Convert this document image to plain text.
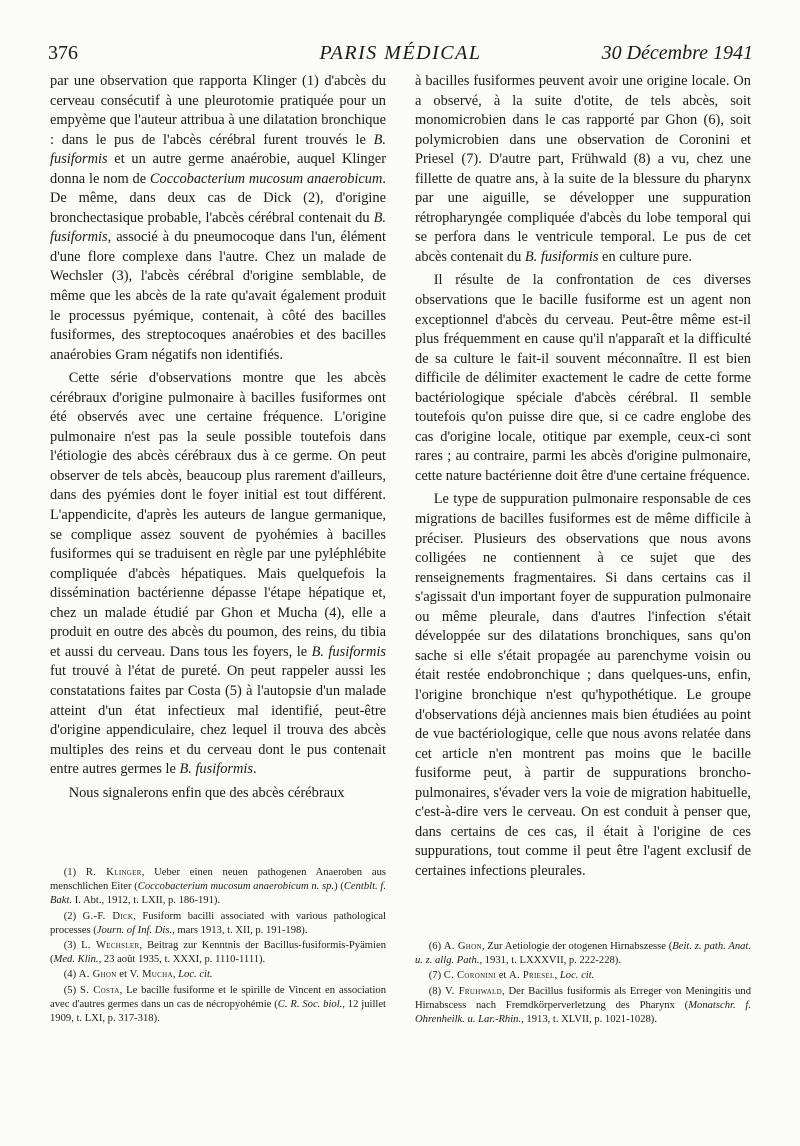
376	PARIS MÉDICAL	30 Décembre 1941

par une observation que rapporta Klinger (1) d'abcès du cerveau consécutif à une pleurotomie pratiquée pour un empyème que l'auteur attribua à une dilatation bronchique : dans le pus de l'abcès cérébral furent trouvés le B. fusiformis et un autre germe anaérobie, auquel Klinger donna le nom de Coccobacterium mucosum anaerobicum. De même, dans deux cas de Dick (2), d'origine bronchectasique probable, l'abcès cérébral contenait du B. fusiformis, associé à du pneumocoque dans l'un, élément d'une flore complexe dans l'autre. Chez un malade de Wechsler (3), l'abcès cérébral d'origine semblable, de même que les abcès de la rate qu'avait également produit le processus pyémique, contenait, à côté des bacilles fusiformes, des streptocoques anaérobies et des bacilles anaérobies Gram négatifs non identifiés.

Cette série d'observations montre que les abcès cérébraux d'origine pulmonaire à bacilles fusiformes ont été observés avec une certaine fréquence. L'origine pulmonaire n'est pas la seule possible toutefois dans l'étiologie des abcès cérébraux dus à ce germe. On peut observer de tels abcès, beaucoup plus rarement d'ailleurs, dans des pyémies dont le foyer initial est tout différent. L'appendicite, d'après les auteurs de langue germanique, se complique assez souvent de pyohémies à bacilles fusiformes qui se traduisent en règle par une pyléphlébite compliquée d'abcès hépatiques. Mais quelquefois la dissémination bactérienne dépasse l'étape hépatique et, chez un malade étudié par Ghon et Mucha (4), elle a produit en outre des abcès du poumon, des reins, du tibia et aussi du cerveau. Dans tous les foyers, le B. fusiformis fut trouvé à l'état de pureté. On peut rappeler aussi les constatations faites par Costa (5) à l'autopsie d'un malade atteint d'un état infectieux mal identifié, peut-être d'origine appendiculaire, chez lequel il trouva des abcès multiples des reins et du cerveau dont le pus contenait entre autres germes le B. fusiformis.

Nous signalerons enfin que des abcès cérébraux

à bacilles fusiformes peuvent avoir une origine locale. On a observé, à la suite d'otite, de tels abcès, soit monomicrobien dans le cas rapporté par Ghon (6), soit polymicrobien dans une observation de Coronini et Priesel (7). D'autre part, Frühwald (8) a vu, chez une fillette de quatre ans, à la suite de la blessure du pharynx par une aiguille, se développer une suppuration rétropharyngée compliquée d'abcès du lobe temporal qui se perfora dans le ventricule temporal. Le pus de cet abcès contenait du B. fusiformis en culture pure.

Il résulte de la confrontation de ces diverses observations que le bacille fusiforme est un agent non exceptionnel d'abcès du cerveau. Peut-être même est-il plus fréquemment en cause qu'il n'apparaît et la difficulté de sa culture le fait-il souvent méconnaître. Il est bien difficile de délimiter exactement le cadre de cette forme bactériologique spéciale d'abcès cérébral. Il semble toutefois qu'on puisse dire que, si ce cadre englobe des cas d'origine locale, otitique par exemple, ceux-ci sont rares ; au contraire, parmi les abcès d'origine pulmonaire, cette nature bactérienne doit être d'une certaine fréquence.

Le type de suppuration pulmonaire responsable de ces migrations de bacilles fusiformes est de même difficile à préciser. Plusieurs des observations que nous avons colligées ne contiennent à ce sujet que des renseignements fragmentaires. Si dans certains cas il s'agissait d'un important foyer de suppuration pulmonaire ou même pleurale, dans d'autres l'infection s'était développée sur des dilatations bronchiques, sans qu'on sache si elle s'était propagée au parenchyme voisin ou était restée endobronchique ; dans quelques-uns, enfin, l'origine bronchique n'est qu'hypothétique. Le groupe d'observations déjà anciennes mais bien étudiées au point de vue bactériologique, celle que nous avons relatée dans cet article n'en montrent pas moins que le bacille fusiforme peut, à partir de suppurations broncho-pulmonaires, s'évader vers la voie de migration habituelle, c'est-à-dire vers le cerveau. On est conduit à penser que, dans certains de ces cas, il était à l'origine de ces suppurations, tout comme il peut être l'agent exclusif de certaines infections pleurales.

(1) R. Klinger, Ueber einen neuen pathogenen Anaeroben aus menschlichen Eiter (Coccobacterium mucosum anaerobicum n. sp.) (Centblt. f. Bakt. I. Abt., 1912, t. LXII, p. 186-191).
(2) G.-F. Dick, Fusiform bacilli associated with various pathological processes (Journ. of Inf. Dis., mars 1913, t. XII, p. 191-198).
(3) L. Wechsler, Beitrag zur Kenntnis der Bacillus-fusiformis-Pyämien (Med. Klin., 23 août 1935, t. XXXI, p. 1110-1111).
(4) A. Ghon et V. Mucha, Loc. cit.
(5) S. Costa, Le bacille fusiforme et le spirille de Vincent en association avec d'autres germes dans un cas de nécropyohémie (C. R. Soc. biol., 12 juillet 1909, t. LXI, p. 317-318).
(6) A. Ghon, Zur Aetiologie der otogenen Hirnabszesse (Beit. z. path. Anat. u. z. allg. Path., 1931, t. LXXXVII, p. 222-228).
(7) C. Coronini et A. Priesel, Loc. cit.
(8) V. Fruhwald, Der Bacillus fusiformis als Erreger von Meningitis und Hirnabscess nach Fremdkörperverletzung des Pharynx (Monatschr. f. Ohrenheilk. u. Lar.-Rhin., 1913, t. XLVII, p. 1021-1028).
